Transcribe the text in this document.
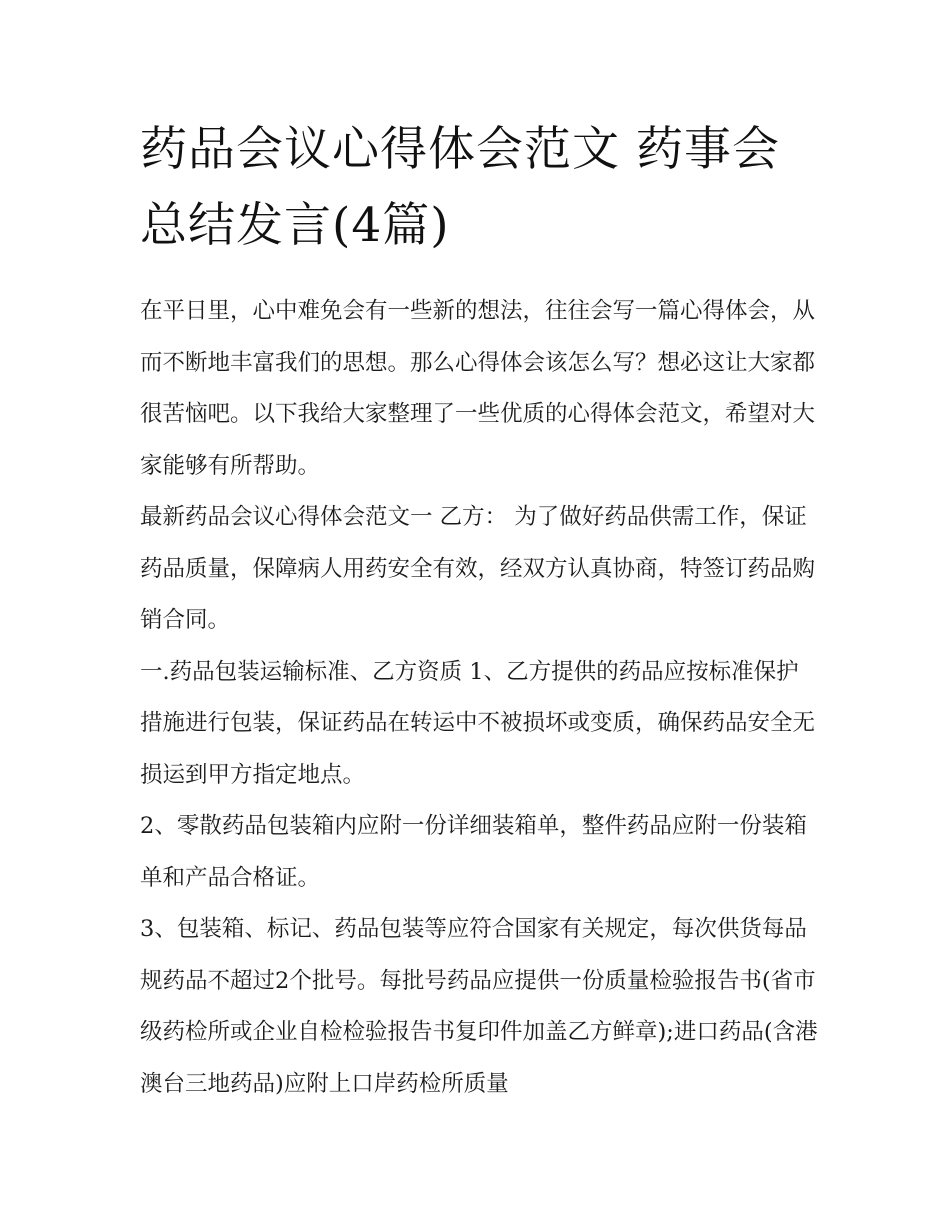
药品会议心得体会范文 药事会总结发言(4篇)

在平日里，心中难免会有一些新的想法，往往会写一篇心得体会，从而不断地丰富我们的思想。那么心得体会该怎么写？想必这让大家都很苦恼吧。以下我给大家整理了一些优质的心得体会范文，希望对大家能够有所帮助。

最新药品会议心得体会范文一 乙方： 为了做好药品供需工作，保证药品质量，保障病人用药安全有效，经双方认真协商，特签订药品购销合同。

一.药品包装运输标准、乙方资质 1、乙方提供的药品应按标准保护措施进行包装，保证药品在转运中不被损坏或变质，确保药品安全无损运到甲方指定地点。

2、零散药品包装箱内应附一份详细装箱单，整件药品应附一份装箱单和产品合格证。

3、包装箱、标记、药品包装等应符合国家有关规定，每次供货每品规药品不超过2个批号。每批号药品应提供一份质量检验报告书(省市级药检所或企业自检检验报告书复印件加盖乙方鲜章);进口药品(含港澳台三地药品)应附上口岸药检所质量
